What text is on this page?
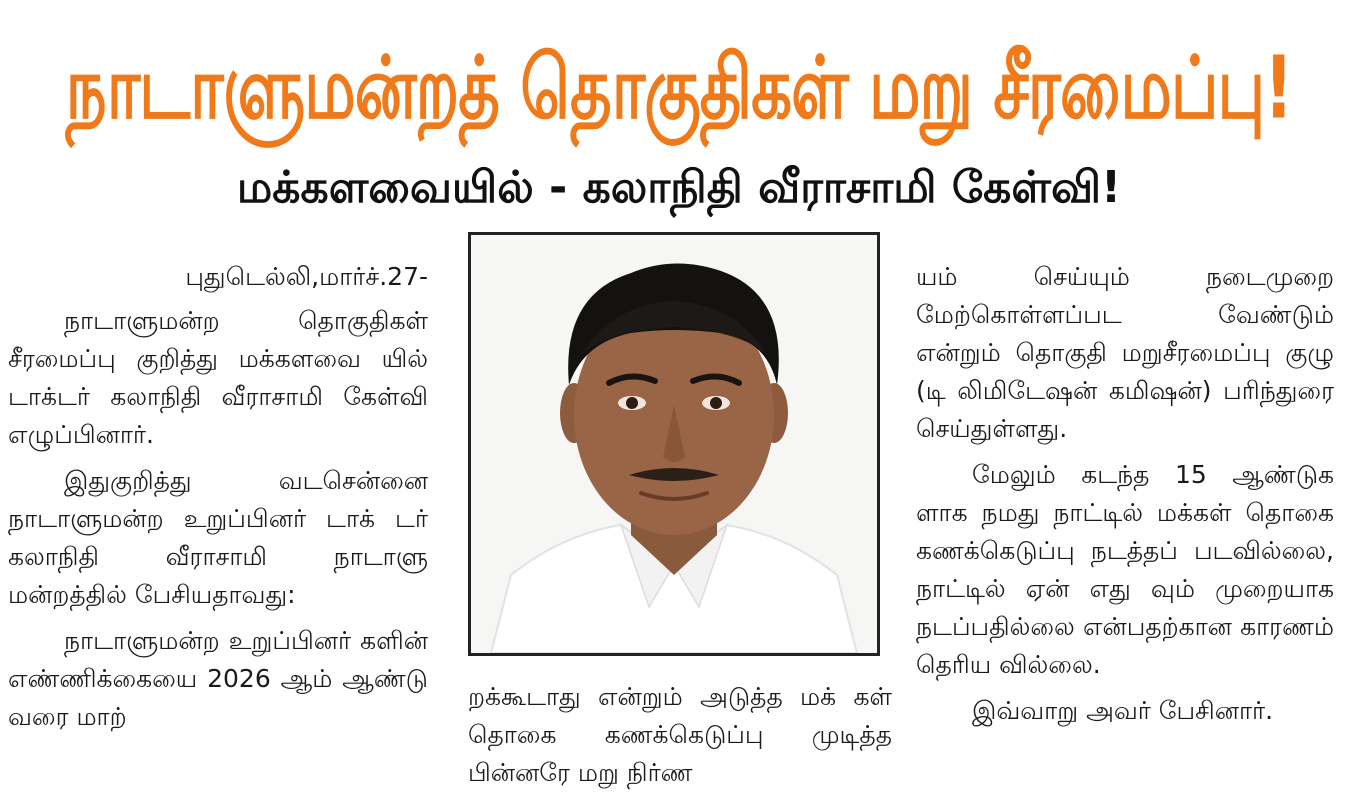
நாடாளுமன்றத் தொகுதிகள் மறு சீரமைப்பு!
மக்களவையில் - கலாநிதி வீராசாமி கேள்வி!

புதுடெல்லி,மார்ச்.27-

நாடாளுமன்ற தொகுதிகள் சீரமைப்பு குறித்து மக்களவை யில் டாக்டர் கலாநிதி வீராசாமி கேள்வி எழுப்பினார்.

இதுகுறித்து வடசென்னை நாடாளுமன்ற உறுப்பினர் டாக் டர் கலாநிதி வீராசாமி நாடாளு மன்றத்தில் பேசியதாவது:

நாடாளுமன்ற உறுப்பினர் களின் எண்ணிக்கையை 2026 ஆம் ஆண்டு வரை மாற்

றக்கூடாது என்றும் அடுத்த மக் கள் தொகை கணக்கெடுப்பு முடித்த பின்னரே மறு நிர்ண

யம் செய்யும் நடைமுறை மேற்கொள்ளப்பட வேண்டும் என்றும் தொகுதி மறுசீரமைப்பு குழு (டி லிமிடேஷன் கமிஷன்) பரிந்துரை செய்துள்ளது.

மேலும் கடந்த 15 ஆண்டுக ளாக நமது நாட்டில் மக்கள் தொகை கணக்கெடுப்பு நடத்தப் படவில்லை, நாட்டில் ஏன் எது வும் முறையாக நடப்பதில்லை என்பதற்கான காரணம் தெரிய வில்லை.

இவ்வாறு அவர் பேசினார்.
